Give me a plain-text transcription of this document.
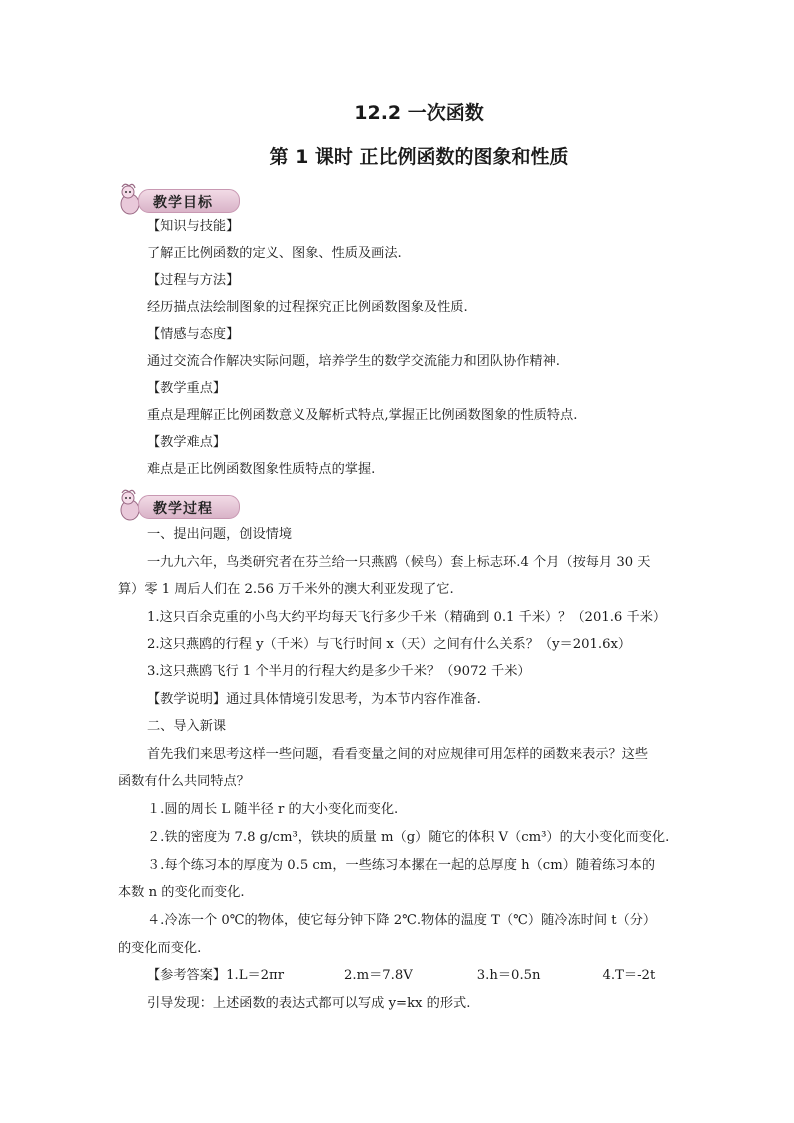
12.2 一次函数
第 1 课时 正比例函数的图象和性质
教学目标
【知识与技能】
了解正比例函数的定义、图象、性质及画法.
【过程与方法】
经历描点法绘制图象的过程探究正比例函数图象及性质.
【情感与态度】
通过交流合作解决实际问题，培养学生的数学交流能力和团队协作精神.
【教学重点】
重点是理解正比例函数意义及解析式特点,掌握正比例函数图象的性质特点.
【教学难点】
难点是正比例函数图象性质特点的掌握.
教学过程
一、提出问题，创设情境
一九九六年，鸟类研究者在芬兰给一只燕鸥（候鸟）套上标志环.4 个月（按每月 30 天
算）零 1 周后人们在 2.56 万千米外的澳大利亚发现了它.
1.这只百余克重的小鸟大约平均每天飞行多少千米（精确到 0.1 千米）？（201.6 千米）
2.这只燕鸥的行程 y（千米）与飞行时间 x（天）之间有什么关系？（y＝201.6x）
3.这只燕鸥飞行 1 个半月的行程大约是多少千米？（9072 千米）
【教学说明】通过具体情境引发思考，为本节内容作准备.
二、导入新课
首先我们来思考这样一些问题，看看变量之间的对应规律可用怎样的函数来表示？这些
函数有什么共同特点？
１.圆的周长 L 随半径 r 的大小变化而变化.
２.铁的密度为 7.8 g/cm³，铁块的质量 m（g）随它的体积 V（cm³）的大小变化而变化.
３.每个练习本的厚度为 0.5 cm，一些练习本摞在一起的总厚度 h（cm）随着练习本的
本数 n 的变化而变化.
４.冷冻一个 0℃的物体，使它每分钟下降 2℃.物体的温度 T（℃）随冷冻时间 t（分）
的变化而变化.
【参考答案】1.L＝2πr	2.m＝7.8V	3.h＝0.5n	4.T＝-2t
引导发现：上述函数的表达式都可以写成 y=kx 的形式.
